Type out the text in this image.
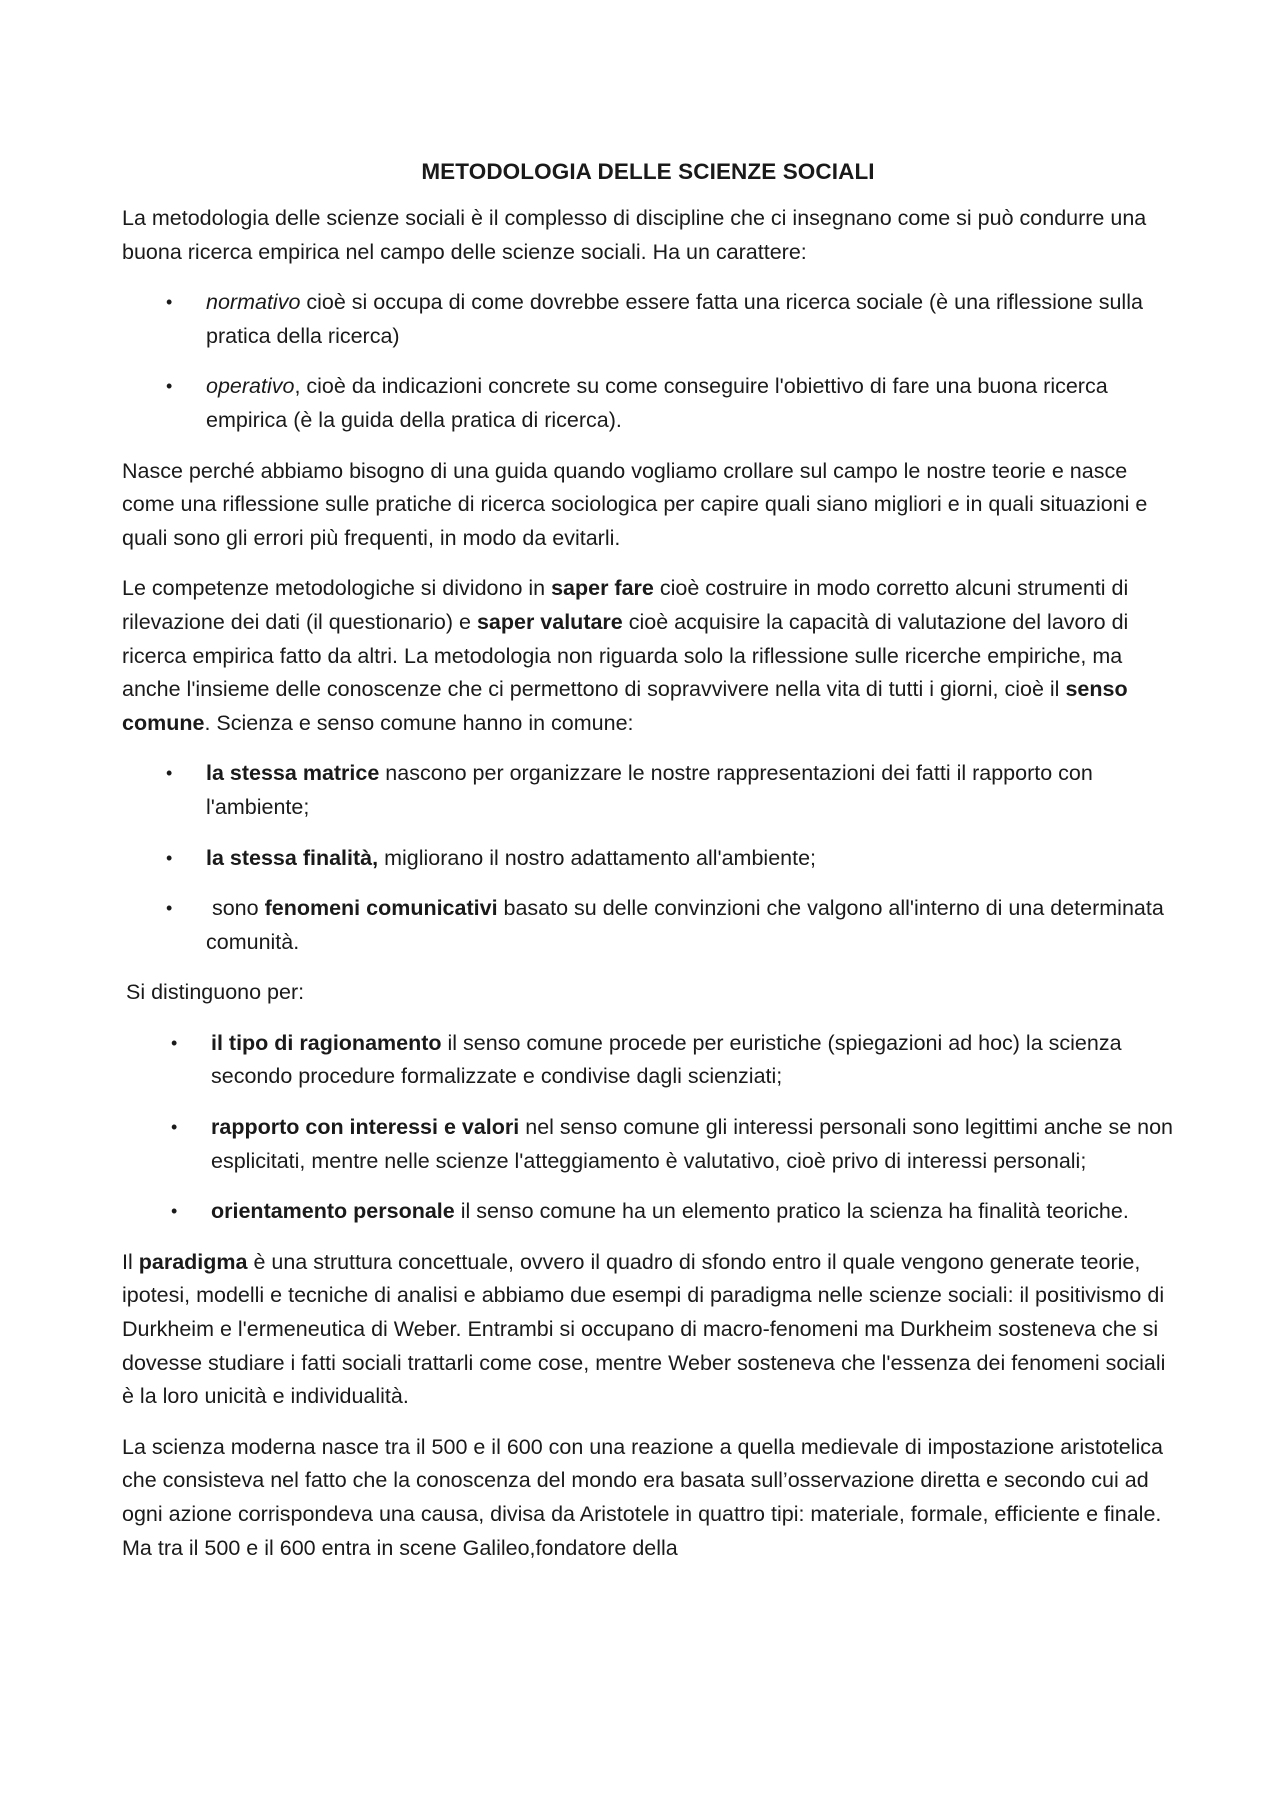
METODOLOGIA DELLE SCIENZE SOCIALI

La metodologia delle scienze sociali è il complesso di discipline che ci insegnano come si può condurre una buona ricerca empirica nel campo delle scienze sociali. Ha un carattere:

• normativo cioè si occupa di come dovrebbe essere fatta una ricerca sociale (è una riflessione sulla pratica della ricerca)
• operativo, cioè da indicazioni concrete su come conseguire l'obiettivo di fare una buona ricerca empirica (è la guida della pratica di ricerca).

Nasce perché abbiamo bisogno di una guida quando vogliamo crollare sul campo le nostre teorie e nasce come una riflessione sulle pratiche di ricerca sociologica per capire quali siano migliori e in quali situazioni e quali sono gli errori più frequenti, in modo da evitarli.

Le competenze metodologiche si dividono in saper fare cioè costruire in modo corretto alcuni strumenti di rilevazione dei dati (il questionario) e saper valutare cioè acquisire la capacità di valutazione del lavoro di ricerca empirica fatto da altri. La metodologia non riguarda solo la riflessione sulle ricerche empiriche, ma anche l'insieme delle conoscenze che ci permettono di sopravvivere nella vita di tutti i giorni, cioè il senso comune. Scienza e senso comune hanno in comune:

• la stessa matrice nascono per organizzare le nostre rappresentazioni dei fatti il rapporto con l'ambiente;
• la stessa finalità, migliorano il nostro adattamento all'ambiente;
• sono fenomeni comunicativi basato su delle convinzioni che valgono all'interno di una determinata comunità.

Si distinguono per:

• il tipo di ragionamento il senso comune procede per euristiche (spiegazioni ad hoc) la scienza secondo procedure formalizzate e condivise dagli scienziati;
• rapporto con interessi e valori nel senso comune gli interessi personali sono legittimi anche se non esplicitati, mentre nelle scienze l'atteggiamento è valutativo, cioè privo di interessi personali;
• orientamento personale il senso comune ha un elemento pratico la scienza ha finalità teoriche.

Il paradigma è una struttura concettuale, ovvero il quadro di sfondo entro il quale vengono generate teorie, ipotesi, modelli e tecniche di analisi e abbiamo due esempi di paradigma nelle scienze sociali: il positivismo di Durkheim e l'ermeneutica di Weber. Entrambi si occupano di macro-fenomeni ma Durkheim sosteneva che si dovesse studiare i fatti sociali trattarli come cose, mentre Weber sosteneva che l'essenza dei fenomeni sociali è la loro unicità e individualità.

La scienza moderna nasce tra il 500 e il 600 con una reazione a quella medievale di impostazione aristotelica che consisteva nel fatto che la conoscenza del mondo era basata sull’osservazione diretta e secondo cui ad ogni azione corrispondeva una causa, divisa da Aristotele in quattro tipi: materiale, formale, efficiente e finale. Ma tra il 500 e il 600 entra in scene Galileo,fondatore della
